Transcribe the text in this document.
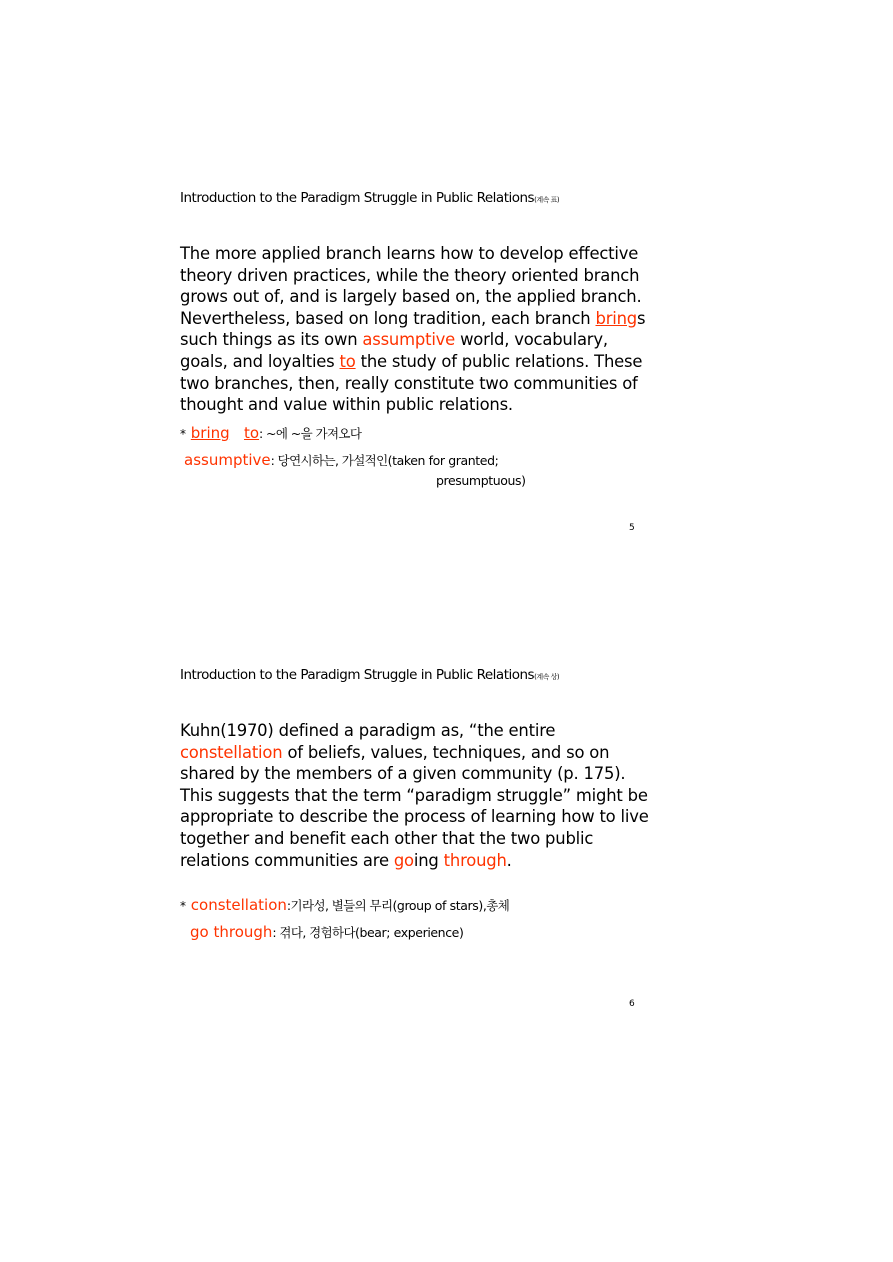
Introduction to the Paradigm Struggle in Public Relations(계속 표)

The more applied branch learns how to develop effective theory driven practices, while the theory oriented branch grows out of, and is largely based on, the applied branch. Nevertheless, based on long tradition, each branch brings such things as its own assumptive world, vocabulary, goals, and loyalties to the study of public relations. These two branches, then, really constitute two communities of thought and value within public relations.

* bring to: ~에 ~을 가져오다
assumptive: 당연시하는, 가설적인(taken for granted;
presumptuous)
5
Introduction to the Paradigm Struggle in Public Relations(계속 상)

Kuhn(1970) defined a paradigm as, “the entire constellation of beliefs, values, techniques, and so on shared by the members of a given community (p. 175). This suggests that the term “paradigm struggle” might be appropriate to describe the process of learning how to live together and benefit each other that the two public relations communities are going through.

* constellation:기라성, 별들의 무리(group of stars),총체
go through: 겪다, 경험하다(bear; experience)
6
